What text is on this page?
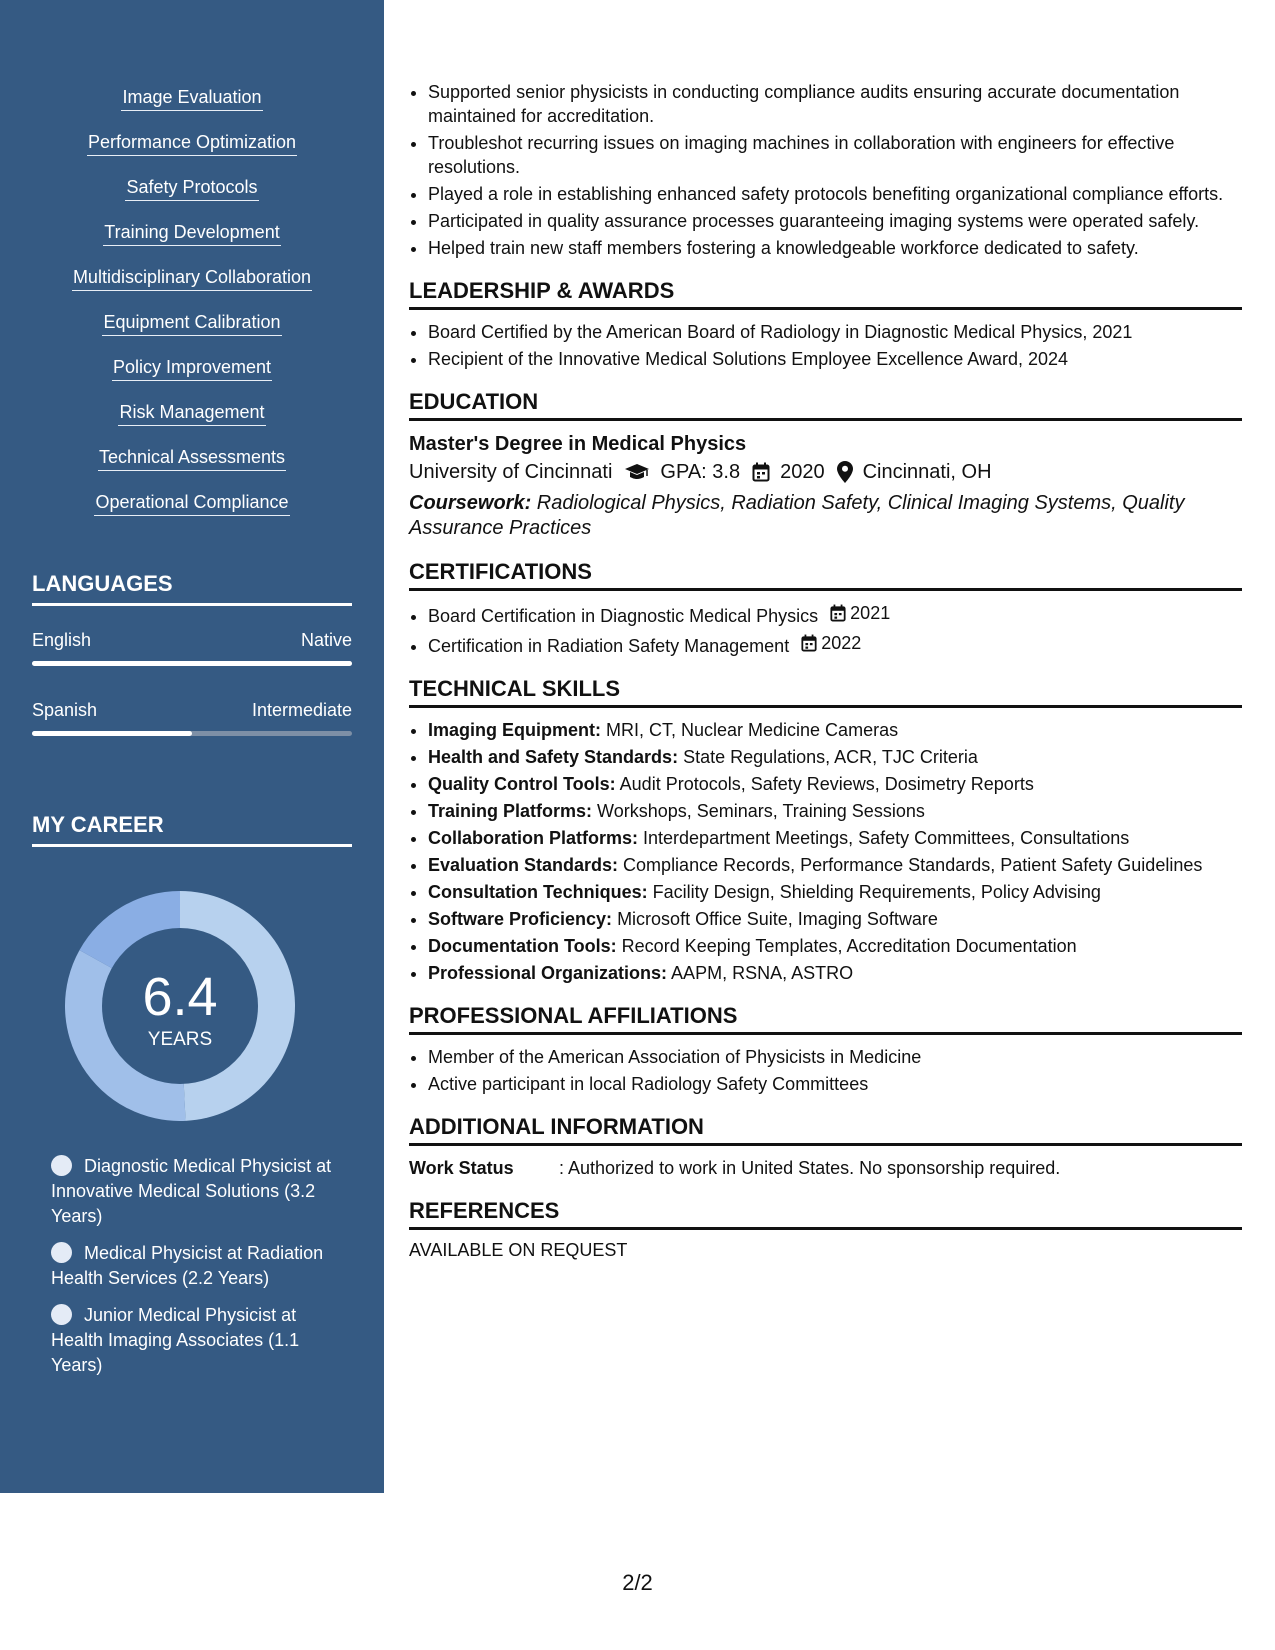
Image Evaluation
Performance Optimization
Safety Protocols
Training Development
Multidisciplinary Collaboration
Equipment Calibration
Policy Improvement
Risk Management
Technical Assessments
Operational Compliance
LANGUAGES
English	Native
Spanish	Intermediate
MY CAREER
6.4
YEARS
Diagnostic Medical Physicist at Innovative Medical Solutions (3.2 Years)
Medical Physicist at Radiation Health Services (2.2 Years)
Junior Medical Physicist at Health Imaging Associates (1.1 Years)
• Supported senior physicists in conducting compliance audits ensuring accurate documentation maintained for accreditation.
• Troubleshot recurring issues on imaging machines in collaboration with engineers for effective resolutions.
• Played a role in establishing enhanced safety protocols benefiting organizational compliance efforts.
• Participated in quality assurance processes guaranteeing imaging systems were operated safely.
• Helped train new staff members fostering a knowledgeable workforce dedicated to safety.
LEADERSHIP & AWARDS
• Board Certified by the American Board of Radiology in Diagnostic Medical Physics, 2021
• Recipient of the Innovative Medical Solutions Employee Excellence Award, 2024
EDUCATION
Master's Degree in Medical Physics
University of Cincinnati GPA: 3.8 2020 Cincinnati, OH
Coursework: Radiological Physics, Radiation Safety, Clinical Imaging Systems, Quality Assurance Practices
CERTIFICATIONS
• Board Certification in Diagnostic Medical Physics 2021
• Certification in Radiation Safety Management 2022
TECHNICAL SKILLS
• Imaging Equipment: MRI, CT, Nuclear Medicine Cameras
• Health and Safety Standards: State Regulations, ACR, TJC Criteria
• Quality Control Tools: Audit Protocols, Safety Reviews, Dosimetry Reports
• Training Platforms: Workshops, Seminars, Training Sessions
• Collaboration Platforms: Interdepartment Meetings, Safety Committees, Consultations
• Evaluation Standards: Compliance Records, Performance Standards, Patient Safety Guidelines
• Consultation Techniques: Facility Design, Shielding Requirements, Policy Advising
• Software Proficiency: Microsoft Office Suite, Imaging Software
• Documentation Tools: Record Keeping Templates, Accreditation Documentation
• Professional Organizations: AAPM, RSNA, ASTRO
PROFESSIONAL AFFILIATIONS
• Member of the American Association of Physicists in Medicine
• Active participant in local Radiology Safety Committees
ADDITIONAL INFORMATION
Work Status	: Authorized to work in United States. No sponsorship required.
REFERENCES
AVAILABLE ON REQUEST
2/2
